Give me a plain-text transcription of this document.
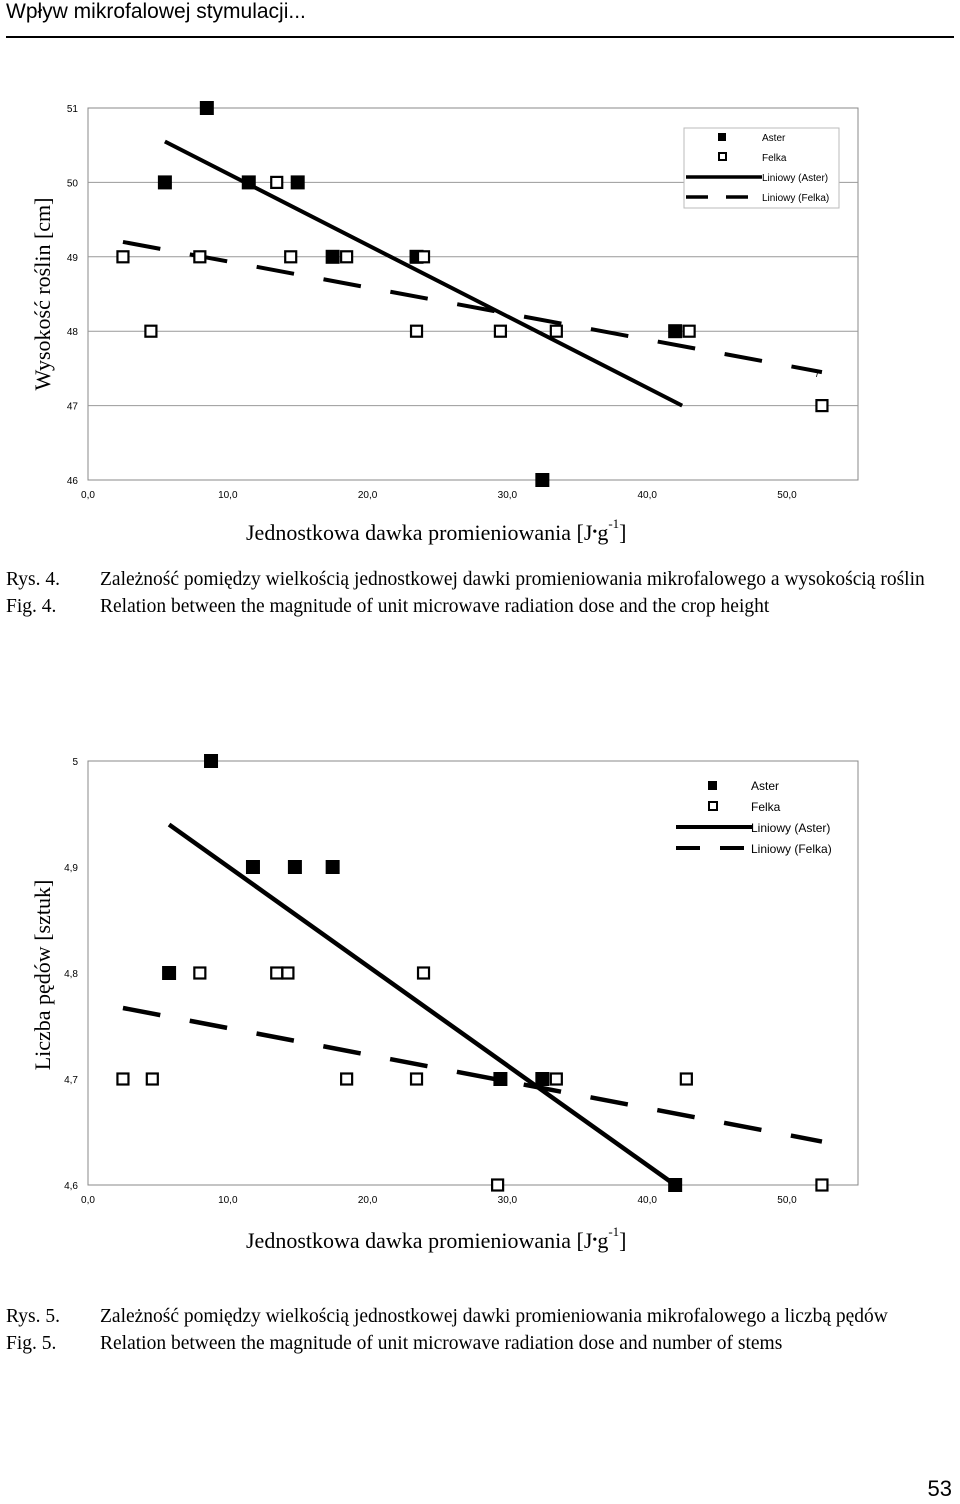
Wpływ mikrofalowej stymulacji...
46
47
48
49
50
51
0,0	10,0	20,0	30,0	40,0	50,0
Aster
Felka
Liniowy (Aster)
Liniowy (Felka)
/
Wysokość roślin [cm]
Jednostkowa dawka promieniowania $[J•g^{-1}]$
Rys. 4.	Zależność pomiędzy wielkością jednostkowej dawki promieniowania mikrofalowego a wysokością roślin
Fig. 4.	Relation between the magnitude of unit microwave radiation dose and the crop height
4,6
4,7
4,8
4,9
5
0,0	10,0	20,0	30,0	40,0	50,0
Aster
Felka
Liniowy (Aster)
Liniowy (Felka)
Liczba pędów [sztuk]
Jednostkowa dawka promieniowania $[J•g^{-1}]$
Rys. 5.	Zależność pomiędzy wielkością jednostkowej dawki promieniowania mikrofalowego a liczbą pędów
Fig. 5.	Relation between the magnitude of unit microwave radiation dose and number of stems
53
